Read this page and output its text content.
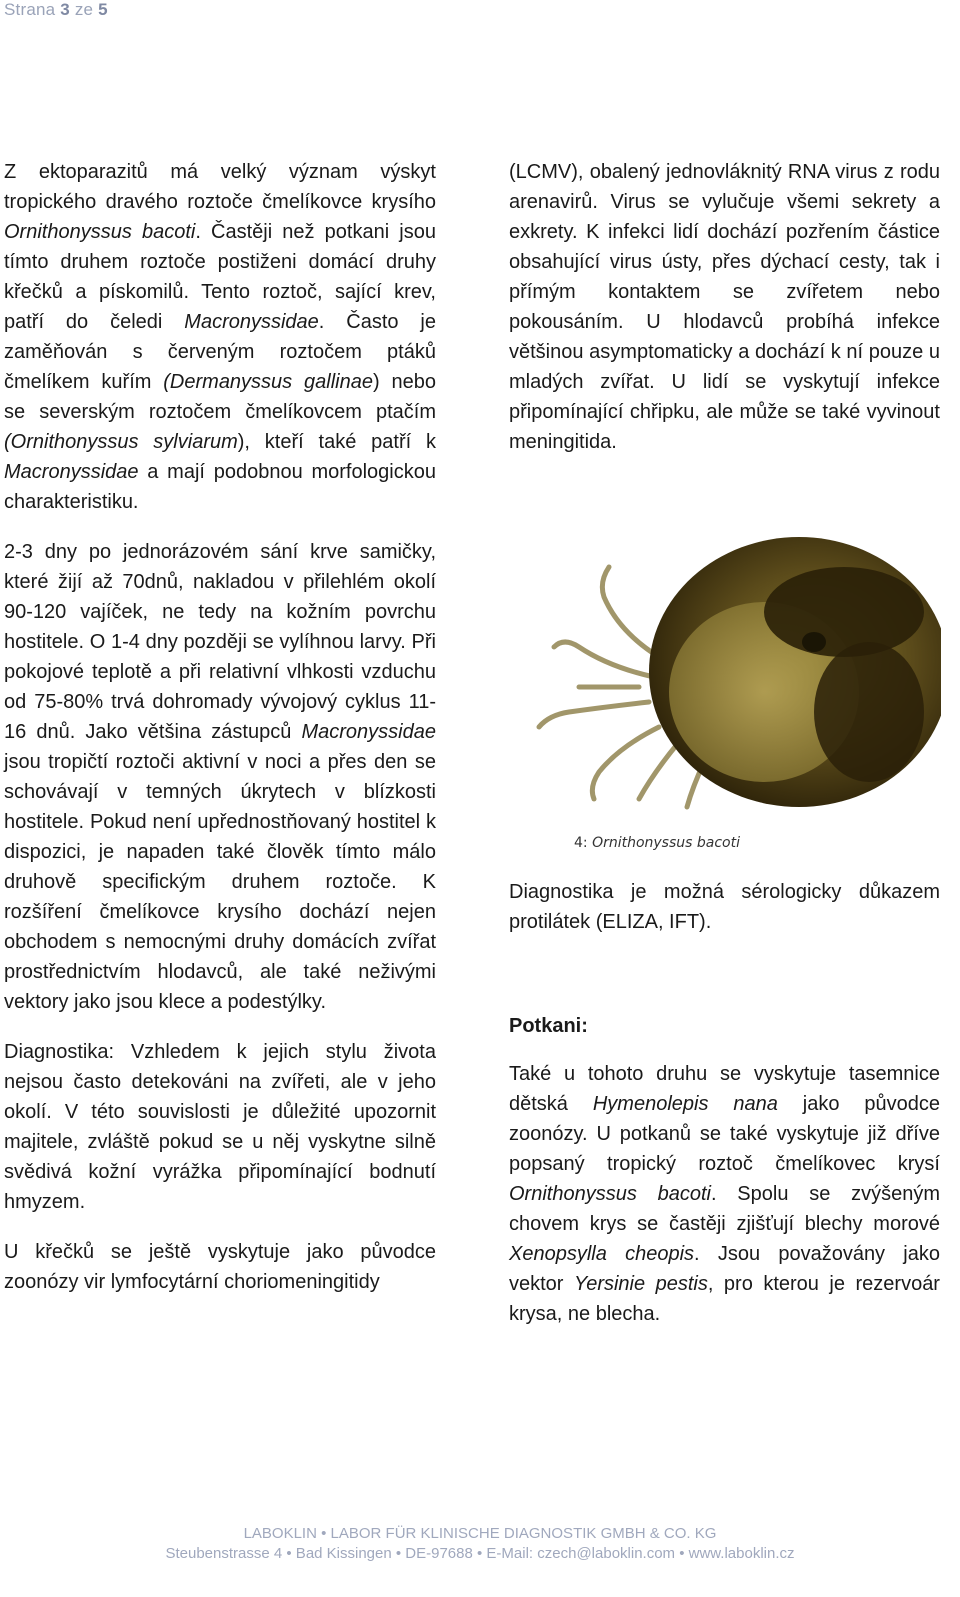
Strana 3 ze 5

Z ektoparazitů má velký význam výskyt tropického dravého roztoče čmelíkovce krysího Ornithonyssus bacoti. Častěji než potkani jsou tímto druhem roztoče postiženi domácí druhy křečků a pískomilů. Tento roztoč, sající krev, patří do čeledi Macronyssidae. Často je zaměňován s červeným roztočem ptáků čmelíkem kuřím (Dermanyssus gallinae) nebo se severským roztočem čmelíkovcem ptačím (Ornithonyssus sylviarum), kteří také patří k Macronyssidae a mají podobnou morfologickou charakteristiku.

2-3 dny po jednorázovém sání krve samičky, které žijí až 70dnů, nakladou v přilehlém okolí 90-120 vajíček, ne tedy na kožním povrchu hostitele. O 1-4 dny později se vylíhnou larvy. Při pokojové teplotě a při relativní vlhkosti vzduchu od 75-80% trvá dohromady vývojový cyklus 11-16 dnů. Jako většina zástupců Macronyssidae jsou tropičtí roztoči aktivní v noci a přes den se schovávají v temných úkrytech v blízkosti hostitele. Pokud není upřednostňovaný hostitel k dispozici, je napaden také člověk tímto málo druhově specifickým druhem roztoče. K rozšíření čmelíkovce krysího dochází nejen obchodem s nemocnými druhy domácích zvířat prostřednictvím hlodavců, ale také neživými vektory jako jsou klece a podestýlky.

Diagnostika: Vzhledem k jejich stylu života nejsou často detekováni na zvířeti, ale v jeho okolí. V této souvislosti je důležité upozornit majitele, zvláště pokud se u něj vyskytne silně svědivá kožní vyrážka připomínající bodnutí hmyzem.

U křečků se ještě vyskytuje jako původce zoonózy vir lymfocytární choriomeningitidy

(LCMV), obalený jednovláknitý RNA virus z rodu arenavirů. Virus se vylučuje všemi sekrety a exkrety. K infekci lidí dochází pozřením částice obsahující virus ústy, přes dýchací cesty, tak i přímým kontaktem se zvířetem nebo pokousáním. U hlodavců probíhá infekce většinou asymptomaticky a dochází k ní pouze u mladých zvířat. U lidí se vyskytují infekce připomínající chřipku, ale může se také vyvinout meningitida.

4: Ornithonyssus bacoti

Diagnostika je možná sérologicky důkazem protilátek (ELIZA, IFT).

Potkani:

Také u tohoto druhu se vyskytuje tasemnice dětská Hymenolepis nana jako původce zoonózy. U potkanů se také vyskytuje již dříve popsaný tropický roztoč čmelíkovec krysí Ornithonyssus bacoti. Spolu se zvýšeným chovem krys se častěji zjišťují blechy morové Xenopsylla cheopis. Jsou považovány jako vektor Yersinie pestis, pro kterou je rezervoár krysa, ne blecha.

LABOKLIN • LABOR FÜR KLINISCHE DIAGNOSTIK GMBH & CO. KG
Steubenstrasse 4 • Bad Kissingen • DE-97688 • E-Mail: czech@laboklin.com • www.laboklin.cz
